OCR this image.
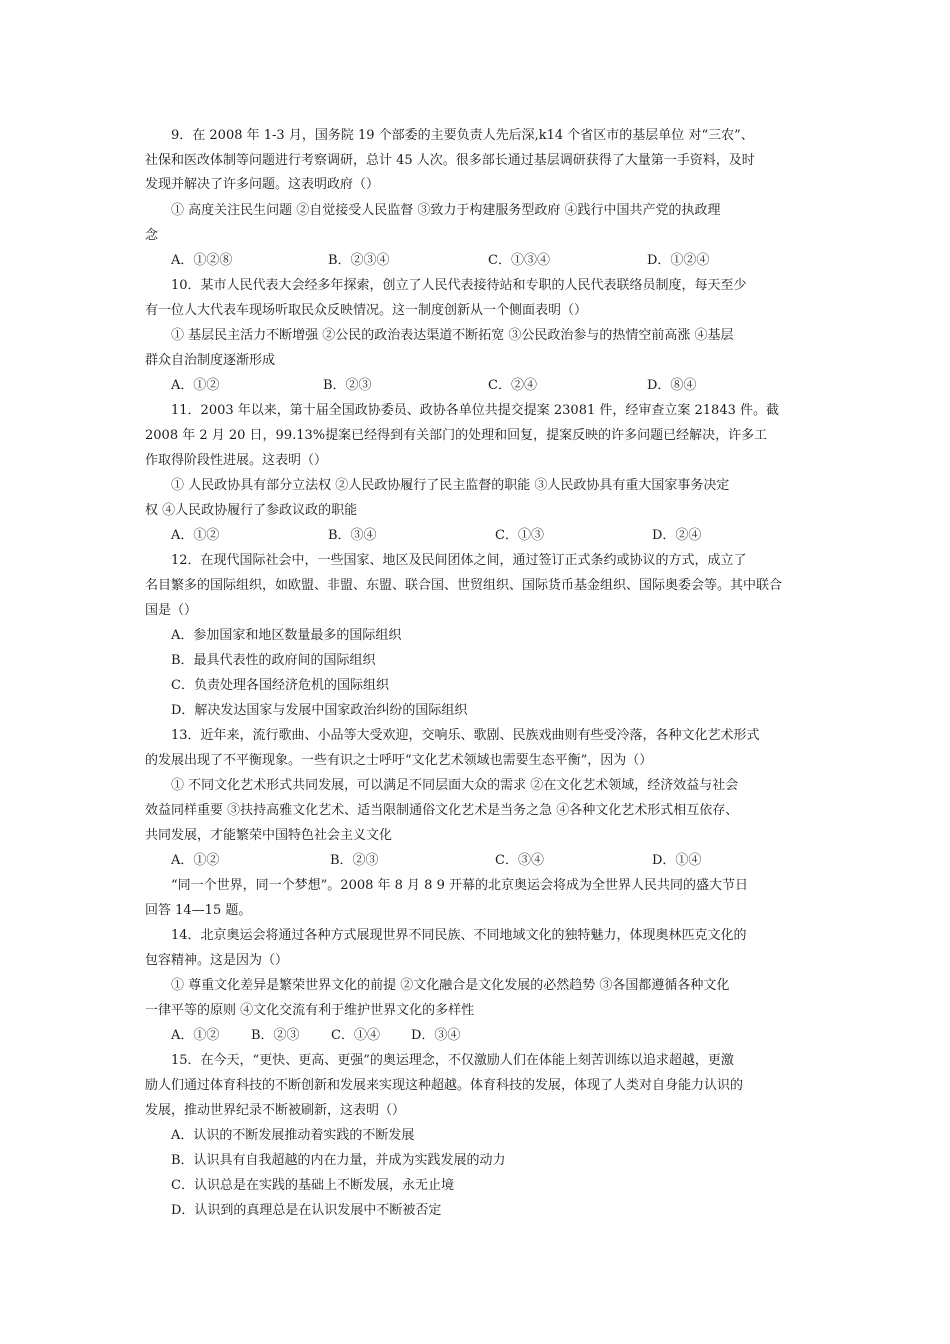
9．在 2008 年 1-3 月，国务院 19 个部委的主要负责人先后深,k14 个省区市的基层单位 对“三农”、
社保和医改体制等问题进行考察调研，总计 45 人次。很多部长通过基层调研获得了大量第一手资料，及时
发现并解决了许多问题。这表明政府（）
① 高度关注民生问题 ②自觉接受人民监督 ③致力于构建服务型政府 ④践行中国共产党的执政理
念
A．①②⑧	B．②③④	C．①③④	D．①②④
10．某市人民代表大会经多年探索，创立了人民代表接待站和专职的人民代表联络员制度，每天至少
有一位人大代表车现场听取民众反映情况。这一制度创新从一个侧面表明（）
① 基层民主活力不断增强 ②公民的政治表达渠道不断拓宽 ③公民政治参与的热情空前高涨 ④基层
群众自治制度逐渐形成
A．①②	B．②③	C．②④	D．⑧④
11．2003 年以来，第十届全国政协委员、政协各单位共提交提案 23081 件，经审查立案 21843 件。截
2008 年 2 月 20 日，99.13%提案已经得到有关部门的处理和回复，提案反映的许多问题已经解决，许多工
作取得阶段性进展。这表明（）
① 人民政协具有部分立法权 ②人民政协履行了民主监督的职能 ③人民政协具有重大国家事务决定
权 ④人民政协履行了参政议政的职能
A．①②	B．③④	C．①③	D．②④
12．在现代国际社会中，一些国家、地区及民间团体之间，通过签订正式条约或协议的方式，成立了
名目繁多的国际组织，如欧盟、非盟、东盟、联合国、世贸组织、国际货币基金组织、国际奥委会等。其中联合
国是（）
A．参加国家和地区数量最多的国际组织
B．最具代表性的政府间的国际组织
C．负责处理各国经济危机的国际组织
D．解决发达国家与发展中国家政治纠纷的国际组织
13．近年来，流行歌曲、小品等大受欢迎，交响乐、歌剧、民族戏曲则有些受冷落，各种文化艺术形式
的发展出现了不平衡现象。一些有识之士呼吁“文化艺术领域也需要生态平衡”，因为（）
① 不同文化艺术形式共同发展，可以满足不同层面大众的需求 ②在文化艺术领域，经济效益与社会
效益同样重要 ③扶持高雅文化艺术、适当限制通俗文化艺术是当务之急 ④各种文化艺术形式相互依存、
共同发展，才能繁荣中国特色社会主义文化
A．①②	B．②③	C．③④	D．①④
“同一个世界，同一个梦想”。2008 年 8 月 8 9 开幕的北京奥运会将成为全世界人民共同的盛大节日
回答 14—15 题。
14．北京奥运会将通过各种方式展现世界不同民族、不同地域文化的独特魅力，体现奥林匹克文化的
包容精神。这是因为（）
① 尊重文化差异是繁荣世界文化的前提 ②文化融合是文化发展的必然趋势 ③各国都遵循各种文化
一律平等的原则 ④文化交流有利于维护世界文化的多样性
A．①② B．②③ C．①④ D．③④
15．在今天，“更快、更高、更强”的奥运理念，不仅激励人们在体能上刻苦训练以追求超越，更激
励人们通过体育科技的不断创新和发展来实现这种超越。体育科技的发展，体现了人类对自身能力认识的
发展，推动世界纪录不断被刷新，这表明（）
A．认识的不断发展推动着实践的不断发展
B．认识具有自我超越的内在力量，并成为实践发展的动力
C．认识总是在实践的基础上不断发展，永无止境
D．认识到的真理总是在认识发展中不断被否定
